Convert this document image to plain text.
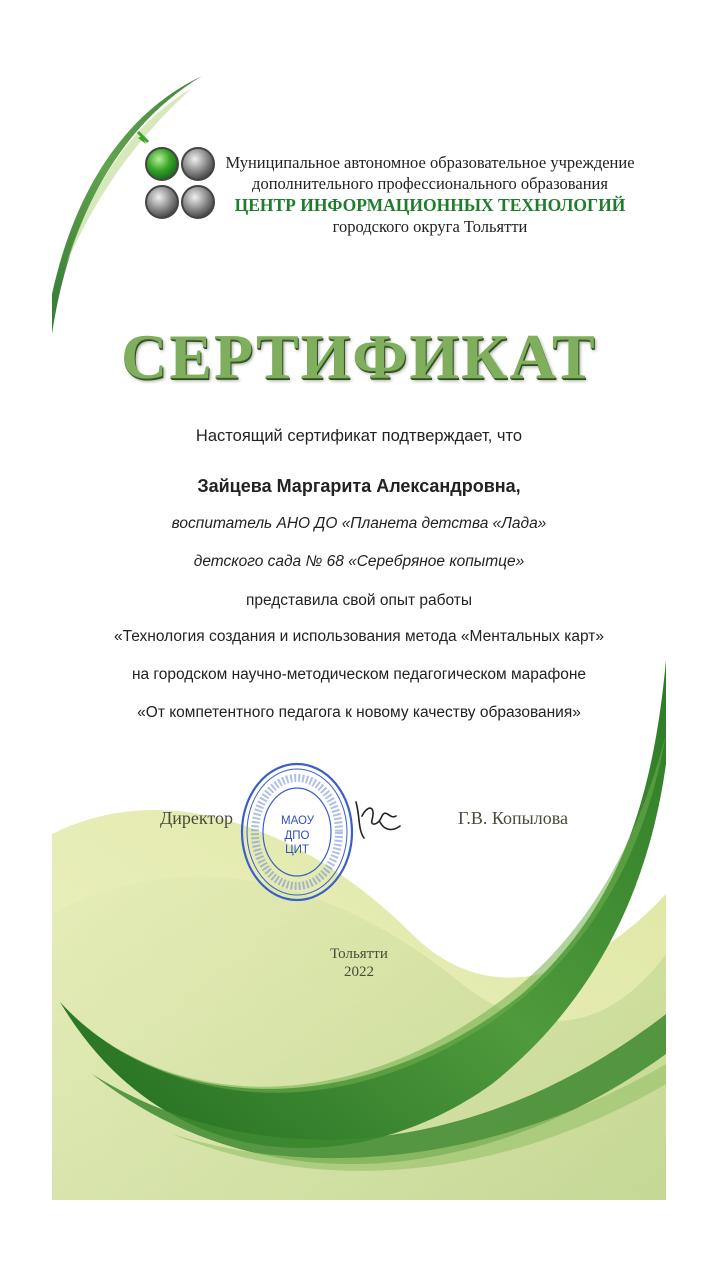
Муниципальное автономное образовательное учреждение
дополнительного профессионального образования
ЦЕНТР ИНФОРМАЦИОННЫХ ТЕХНОЛОГИЙ
городского округа Тольятти
СЕРТИФИКАТ
Настоящий сертификат подтверждает, что
Зайцева Маргарита Александровна,
воспитатель АНО ДО «Планета детства «Лада»
детского сада № 68 «Серебряное копытце»
представила свой опыт работы
«Технология создания и использования метода «Ментальных карт»
на городском научно-методическом педагогическом марафоне
«От компетентного педагога к новому качеству образования»
Директор	МАОУ
ДПО ЦИТ
Г.В. Копылова
Тольятти
2022
